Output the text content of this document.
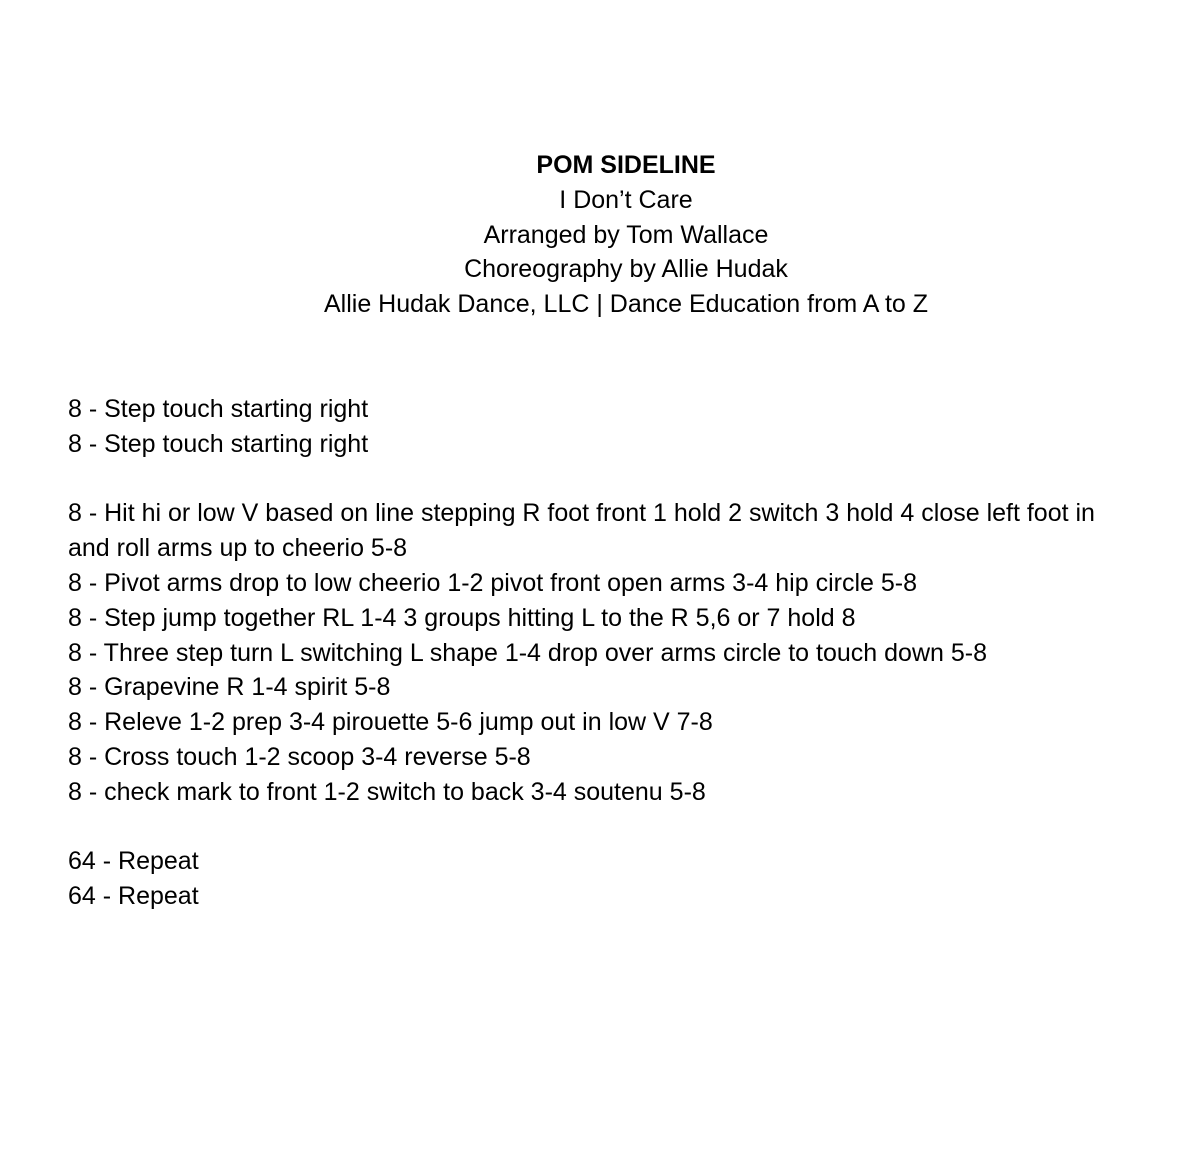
POM SIDELINE
I Don’t Care
Arranged by Tom Wallace
Choreography by Allie Hudak
Allie Hudak Dance, LLC | Dance Education from A to Z
8 - Step touch starting right
8 - Step touch starting right
8 - Hit hi or low V based on line stepping R foot front 1 hold 2 switch 3 hold 4 close left foot in
and roll arms up to cheerio 5-8
8 - Pivot arms drop to low cheerio 1-2 pivot front open arms 3-4 hip circle 5-8
8 - Step jump together RL 1-4 3 groups hitting L to the R 5,6 or 7 hold 8
8 - Three step turn L switching L shape 1-4 drop over arms circle to touch down 5-8
8 - Grapevine R 1-4 spirit 5-8
8 - Releve 1-2 prep 3-4 pirouette 5-6 jump out in low V 7-8
8 - Cross touch 1-2 scoop 3-4 reverse 5-8
8 - check mark to front 1-2 switch to back 3-4 soutenu 5-8
64 - Repeat
64 - Repeat
